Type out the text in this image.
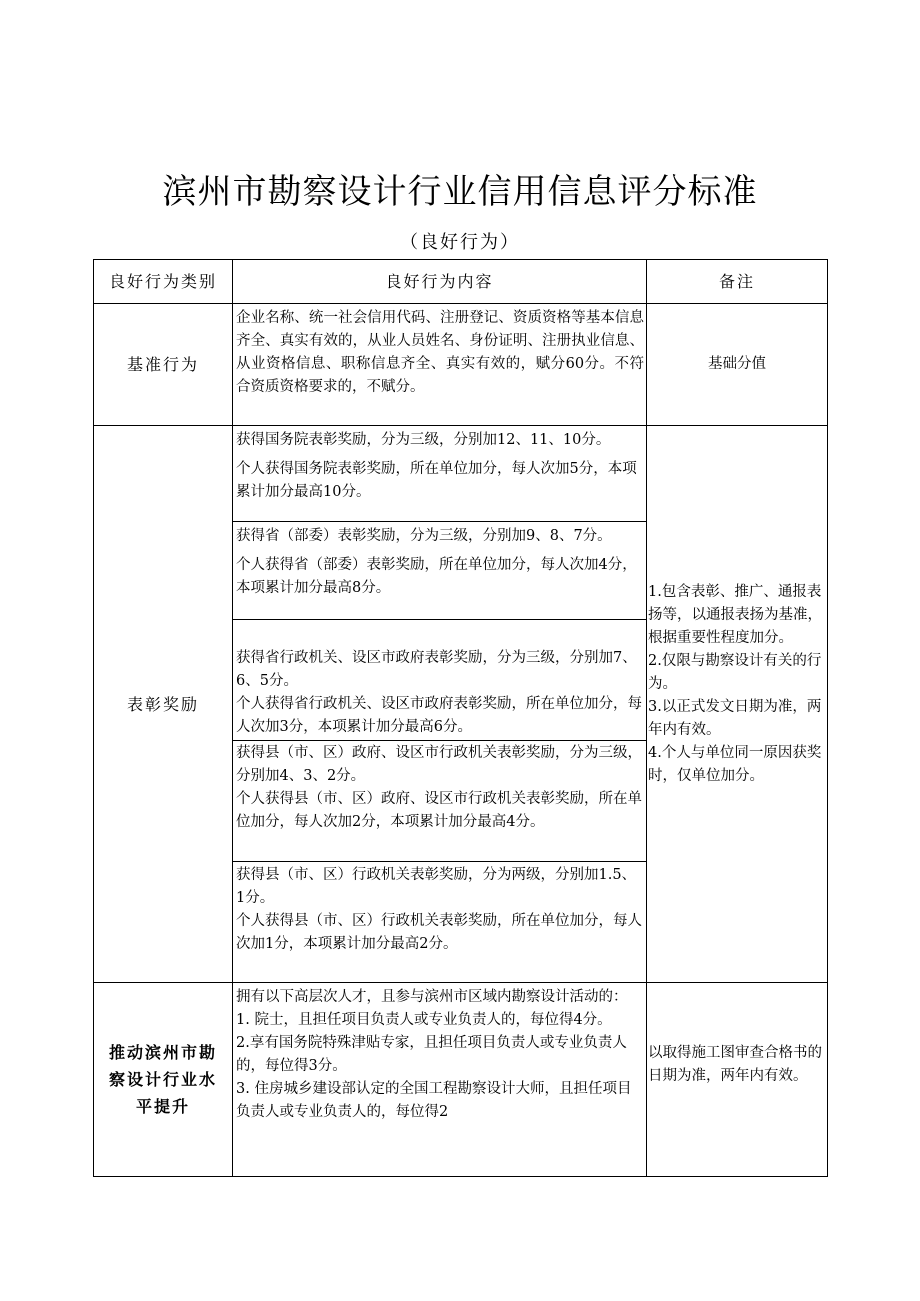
滨州市勘察设计行业信用信息评分标准
（良好行为）
良好行为类别	良好行为内容	备注
基准行为
企业名称、统一社会信用代码、注册登记、资质资格等基本信息齐全、真实有效的，从业人员姓名、身份证明、注册执业信息、从业资格信息、职称信息齐全、真实有效的，赋分60分。不符合资质资格要求的，不赋分。
基础分值
表彰奖励

获得国务院表彰奖励，分为三级，分别加12、11、10分。

个人获得国务院表彰奖励，所在单位加分，每人次加5分，本项累计加分最高10分。

获得省（部委）表彰奖励，分为三级，分别加9、8、7分。

个人获得省（部委）表彰奖励，所在单位加分，每人次加4分，本项累计加分最高8分。

获得省行政机关、设区市政府表彰奖励，分为三级，分别加7、6、5分。

个人获得省行政机关、设区市政府表彰奖励，所在单位加分，每人次加3分，本项累计加分最高6分。

获得县（市、区）政府、设区市行政机关表彰奖励，分为三级，分别加4、3、2分。

个人获得县（市、区）政府、设区市行政机关表彰奖励，所在单位加分，每人次加2分，本项累计加分最高4分。

获得县（市、区）行政机关表彰奖励，分为两级，分别加1.5、1分。

个人获得县（市、区）行政机关表彰奖励，所在单位加分，每人次加1分，本项累计加分最高2分。

1.包含表彰、推广、通报表扬等，以通报表扬为基准，根据重要性程度加分。

2.仅限与勘察设计有关的行为。

3.以正式发文日期为准，两年内有效。

4.个人与单位同一原因获奖时，仅单位加分。

推动滨州市勘察设计行业水平提升

拥有以下高层次人才，且参与滨州市区域内勘察设计活动的：

1. 院士，且担任项目负责人或专业负责人的，每位得4分。

2.享有国务院特殊津贴专家，且担任项目负责人或专业负责人的，每位得3分。

3. 住房城乡建设部认定的全国工程勘察设计大师，且担任项目负责人或专业负责人的，每位得2

以取得施工图审查合格书的日期为准，两年内有效。
